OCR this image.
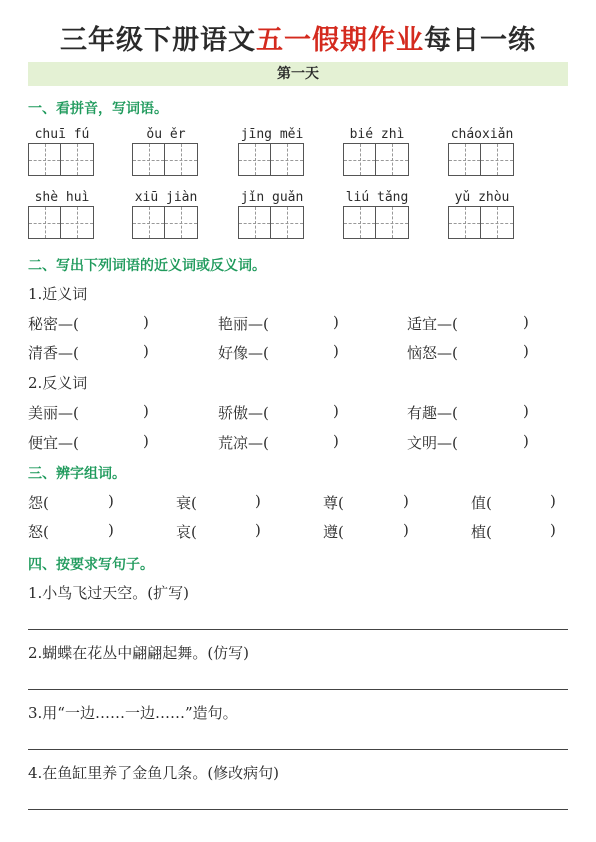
三年级下册语文五一假期作业每日一练
第一天
一、看拼音，写词语。
chuī fú	ǒu ěr	jīng měi	bié zhì	cháoxiǎn
shè huì	xiū jiàn	jǐn guǎn	liú tǎng	yǔ zhòu
二、写出下列词语的近义词或反义词。
1.近义词
秘密—(	)	艳丽—(	)	适宜—(	)
清香—(	)	好像—(	)	恼怒—(	)
2.反义词
美丽—(	)	骄傲—(	)	有趣—(	)
便宜—(	)	荒凉—(	)	文明—(	)
三、辨字组词。
怨(	)	衰(	)	尊(	)	值(	)
怒(	)	哀(	)	遵(	)	植(	)
四、按要求写句子。
1.小鸟飞过天空。(扩写)
2.蝴蝶在花丛中翩翩起舞。(仿写)
3.用“一边……一边……”造句。
4.在鱼缸里养了金鱼几条。(修改病句)
